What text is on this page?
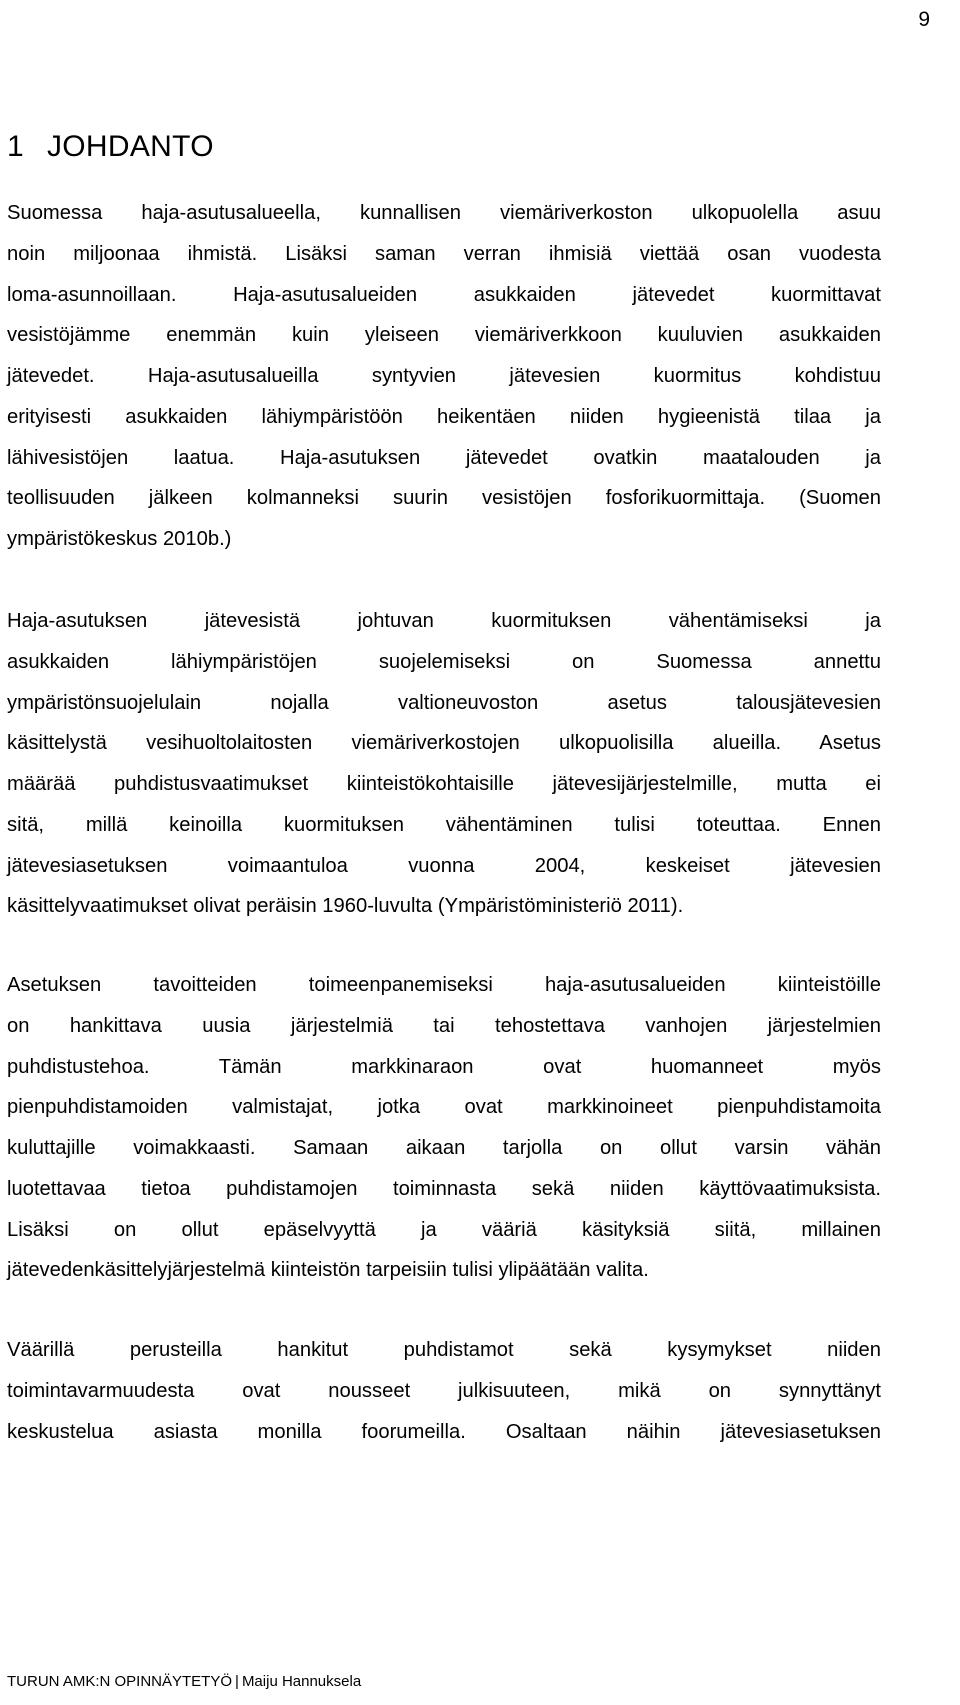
9
1 JOHDANTO
Suomessa haja-asutusalueella, kunnallisen viemäriverkoston ulkopuolella asuu
noin miljoonaa ihmistä. Lisäksi saman verran ihmisiä viettää osan vuodesta
loma-asunnoillaan. Haja-asutusalueiden asukkaiden jätevedet kuormittavat
vesistöjämme enemmän kuin yleiseen viemäriverkkoon kuuluvien asukkaiden
jätevedet. Haja-asutusalueilla syntyvien jätevesien kuormitus kohdistuu
erityisesti asukkaiden lähiympäristöön heikentäen niiden hygieenistä tilaa ja
lähivesistöjen laatua. Haja-asutuksen jätevedet ovatkin maatalouden ja
teollisuuden jälkeen kolmanneksi suurin vesistöjen fosforikuormittaja. (Suomen
ympäristökeskus 2010b.)
Haja-asutuksen jätevesistä johtuvan kuormituksen vähentämiseksi ja
asukkaiden lähiympäristöjen suojelemiseksi on Suomessa annettu
ympäristönsuojelulain nojalla valtioneuvoston asetus talousjätevesien
käsittelystä vesihuoltolaitosten viemäriverkostojen ulkopuolisilla alueilla. Asetus
määrää puhdistusvaatimukset kiinteistökohtaisille jätevesijärjestelmille, mutta ei
sitä, millä keinoilla kuormituksen vähentäminen tulisi toteuttaa. Ennen
jätevesiasetuksen voimaantuloa vuonna 2004, keskeiset jätevesien
käsittelyvaatimukset olivat peräisin 1960-luvulta (Ympäristöministeriö 2011).
Asetuksen tavoitteiden toimeenpanemiseksi haja-asutusalueiden kiinteistöille
on hankittava uusia järjestelmiä tai tehostettava vanhojen järjestelmien
puhdistustehoa. Tämän markkinaraon ovat huomanneet myös
pienpuhdistamoiden valmistajat, jotka ovat markkinoineet pienpuhdistamoita
kuluttajille voimakkaasti. Samaan aikaan tarjolla on ollut varsin vähän
luotettavaa tietoa puhdistamojen toiminnasta sekä niiden käyttövaatimuksista.
Lisäksi on ollut epäselvyyttä ja vääriä käsityksiä siitä, millainen
jätevedenkäsittelyjärjestelmä kiinteistön tarpeisiin tulisi ylipäätään valita.
Väärillä perusteilla hankitut puhdistamot sekä kysymykset niiden
toimintavarmuudesta ovat nousseet julkisuuteen, mikä on synnyttänyt
keskustelua asiasta monilla foorumeilla. Osaltaan näihin jätevesiasetuksen
TURUN AMK:N OPINNÄYTETYÖ | Maiju Hannuksela
